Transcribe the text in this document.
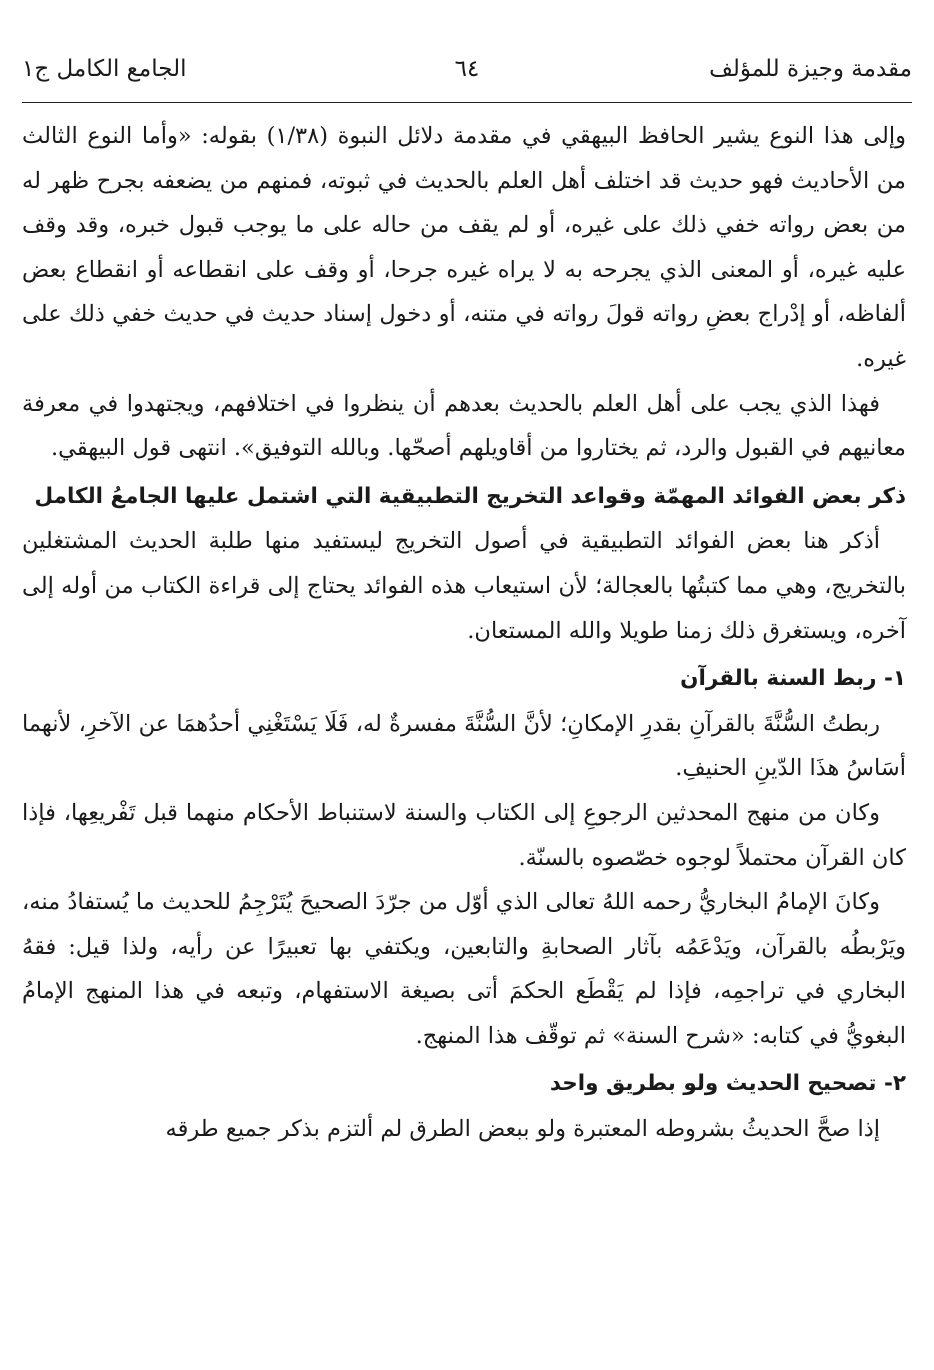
مقدمة وجيزة للمؤلف
٦٤
الجامع الكامل ج١

وإلى هذا النوع يشير الحافظ البيهقي في مقدمة دلائل النبوة (١/٣٨) بقوله: «وأما النوع الثالث من الأحاديث فهو حديث قد اختلف أهل العلم بالحديث في ثبوته، فمنهم من يضعفه بجرح ظهر له من بعض رواته خفي ذلك على غيره، أو لم يقف من حاله على ما يوجب قبول خبره، وقد وقف عليه غيره، أو المعنى الذي يجرحه به لا يراه غيره جرحا، أو وقف على انقطاعه أو انقطاع بعض ألفاظه، أو إدْراج بعضِ رواته قولَ رواته في متنه، أو دخول إسناد حديث في حديث خفي ذلك على غيره.

فهذا الذي يجب على أهل العلم بالحديث بعدهم أن ينظروا في اختلافهم، ويجتهدوا في معرفة معانيهم في القبول والرد، ثم يختاروا من أقاويلهم أصحّها. وبالله التوفيق». انتهى قول البيهقي.

ذكر بعض الفوائد المهمّة وقواعد التخريج التطبيقية التي اشتمل عليها الجامعُ الكامل

أذكر هنا بعض الفوائد التطبيقية في أصول التخريج ليستفيد منها طلبة الحديث المشتغلين بالتخريج، وهي مما كتبتُها بالعجالة؛ لأن استيعاب هذه الفوائد يحتاج إلى قراءة الكتاب من أوله إلى آخره، ويستغرق ذلك زمنا طويلا والله المستعان.

١- ربط السنة بالقرآن

ربطتُ السُّنَّةَ بالقرآنِ بقدرِ الإمكانِ؛ لأنَّ السُّنَّةَ مفسرةٌ له، فَلَا يَسْتَغْنِي أحدُهمَا عن الآخرِ، لأنهما أسَاسُ هذَا الدّينِ الحنيفِ.

وكان من منهج المحدثين الرجوعِ إلى الكتاب والسنة لاستنباط الأحكام منهما قبل تَفْريعِها، فإذا كان القرآن محتملاً لوجوه خصّصوه بالسنّة.

وكانَ الإمامُ البخاريُّ رحمه اللهُ تعالى الذي أوّل من جرّدَ الصحيحَ يُتَرْجِمُ للحديث ما يُستفادُ منه، ويَرْبطُه بالقرآن، ويَدْعَمُه بآثار الصحابةِ والتابعين، ويكتفي بها تعبيرًا عن رأيه، ولذا قيل: فقهُ البخاري في تراجمِه، فإذا لم يَقْطَع الحكمَ أتى بصيغة الاستفهام، وتبعه في هذا المنهج الإمامُ البغويُّ في كتابه: «شرح السنة» ثم توقّف هذا المنهج.

٢- تصحيح الحديث ولو بطريق واحد

إذا صحَّ الحديثُ بشروطه المعتبرة ولو ببعض الطرق لم ألتزم بذكر جميع طرقه
